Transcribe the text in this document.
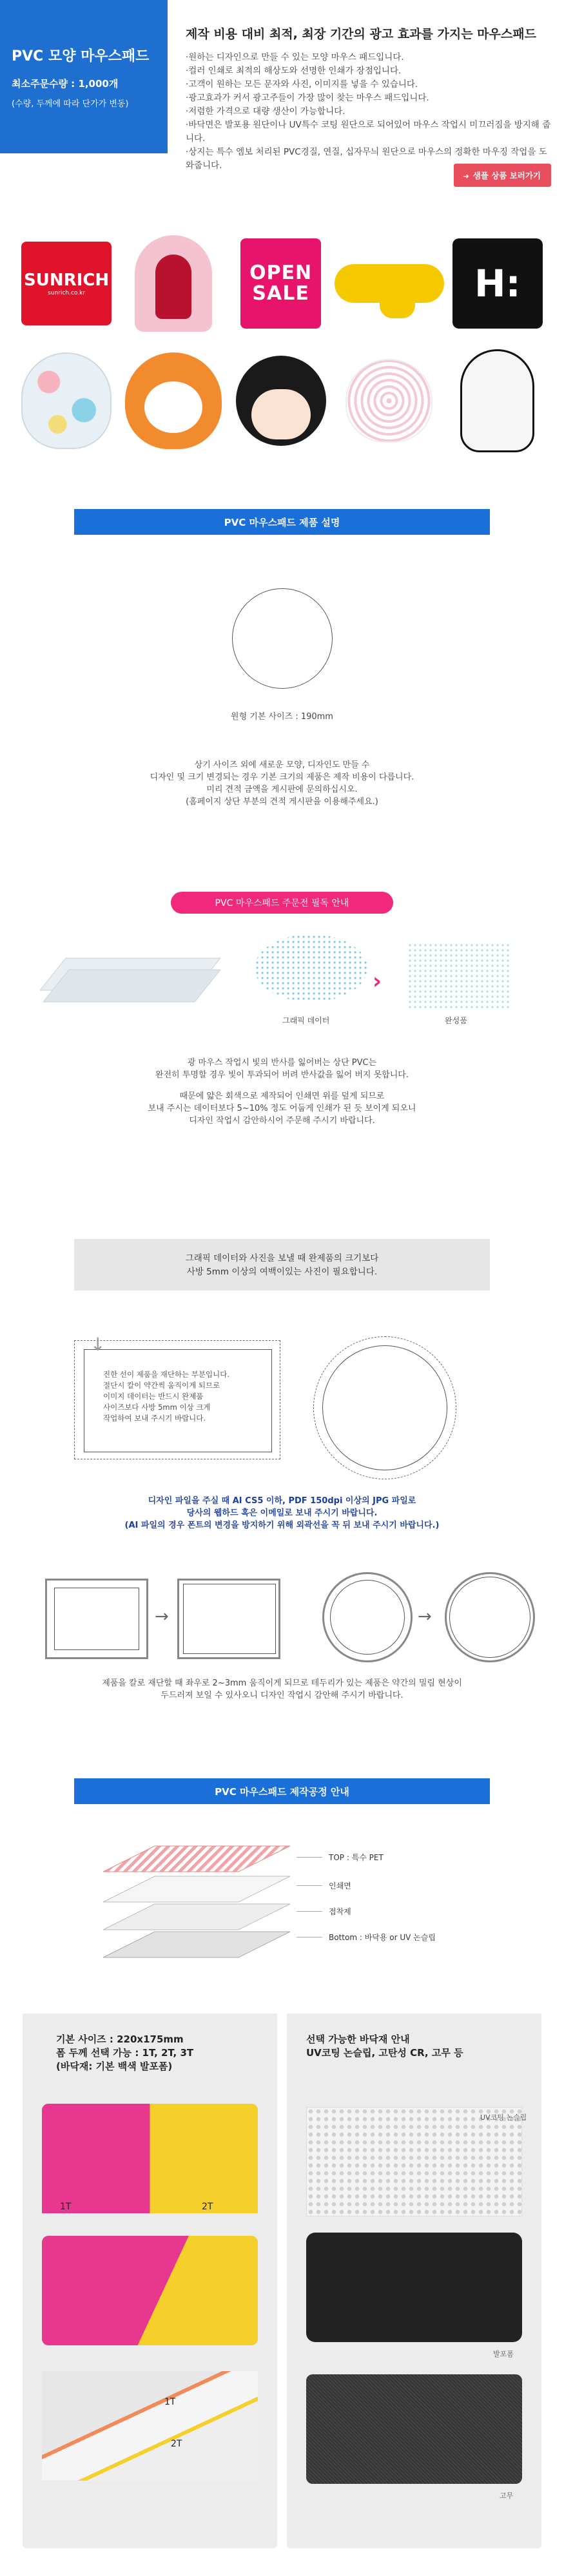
PVC 모양 마우스패드
최소주문수량 : 1,000개
(수량, 두께에 따라 단가가 변동)
제작 비용 대비 최적, 최장 기간의 광고 효과를 가지는 마우스패드
·원하는 디자인으로 만들 수 있는 모양 마우스 패드입니다.
·컬러 인쇄로 최적의 해상도와 선명한 인쇄가 장점입니다.
·고객이 원하는 모든 문자와 사진, 이미지를 넣을 수 있습니다.
·광고효과가 커서 광고주들이 가장 많이 찾는 마우스 패드입니다.
·저렴한 가격으로 대량 생산이 가능합니다.
·바닥면은 발포용 원단이나 UV특수 코팅 원단으로 되어있어 마우스 작업시 미끄러짐을 방지해 줍니다.
·상지는 특수 엠보 처리된 PVC경질, 연질, 십자무늬 원단으로 마우스의 정확한 마우징 작업을 도와줍니다.
➜ 샘플 상품 보러가기
SUNRICH
sunrich.co.kr
OPEN
SALE	H:
PVC 마우스패드 제품 설명
원형 기본 사이즈 : 190mm

상기 사이즈 외에 새로운 모양, 디자인도 만들 수

디자인 및 크기 변경되는 경우 기본 크기의 제품은 제작 비용이 다릅니다.

미리 견적 금액을 게시판에 문의하십시오.

(홈페이지 상단 부분의 견적 게시판을 이용해주세요.)

PVC 마우스패드 주문전 필독 안내
›
그래픽 데이터	완성품

광 마우스 작업시 빛의 반사를 잃어버는 상단 PVC는

완전히 투명할 경우 빛이 투과되어 버려 반사값을 잃어 버지 못합니다.

때문에 얇은 회색으로 제작되어 인쇄면 위를 덮게 되므로

보내 주시는 데이터보다 5~10% 정도 어둡게 인쇄가 된 듯 보이게 되오니

디자인 작업시 감안하시어 주문해 주시기 바랍니다.

그래픽 데이터와 사진을 보낼 때 완제품의 크기보다
사방 5mm 이상의 여백이있는 사진이 필요합니다.
↓
진한 선이 제품을 재단하는 부분입니다.
절단시 칼이 약간씩 움직이게 되므로
이미지 데이터는 반드시 완제품
사이즈보다 사방 5mm 이상 크게
작업하여 보내 주시기 바랍니다.
디자인 파일을 주실 때 AI CS5 이하, PDF 150dpi 이상의 JPG 파일로
당사의 웹하드 혹은 이메일로 보내 주시기 바랍니다.
(AI 파일의 경우 폰트의 변경을 방지하기 위해 외곽선을 꼭 뒤 보내 주시기 바랍니다.)
→	→

제품을 칼로 재단할 때 좌우로 2~3mm 움직이게 되므로 테두리가 있는 제품은 약간의 밀림 현상이

두드러져 보일 수 있사오니 디자인 작업시 감안해 주시기 바랍니다.

PVC 마우스패드 제작공정 안내
TOP : 특수 PET
인쇄면
접착제
Bottom : 바닥용 or UV 논슬립
기본 사이즈 : 220x175mm
폼 두께 선택 가능 : 1T, 2T, 3T
(바닥재: 기본 백색 발포폼)
1T	2T
1T
2T
선택 가능한 바닥재 안내
UV코팅 논슬립, 고탄성 CR, 고무 등
UV코팅 논슬립
발포폼
고무
